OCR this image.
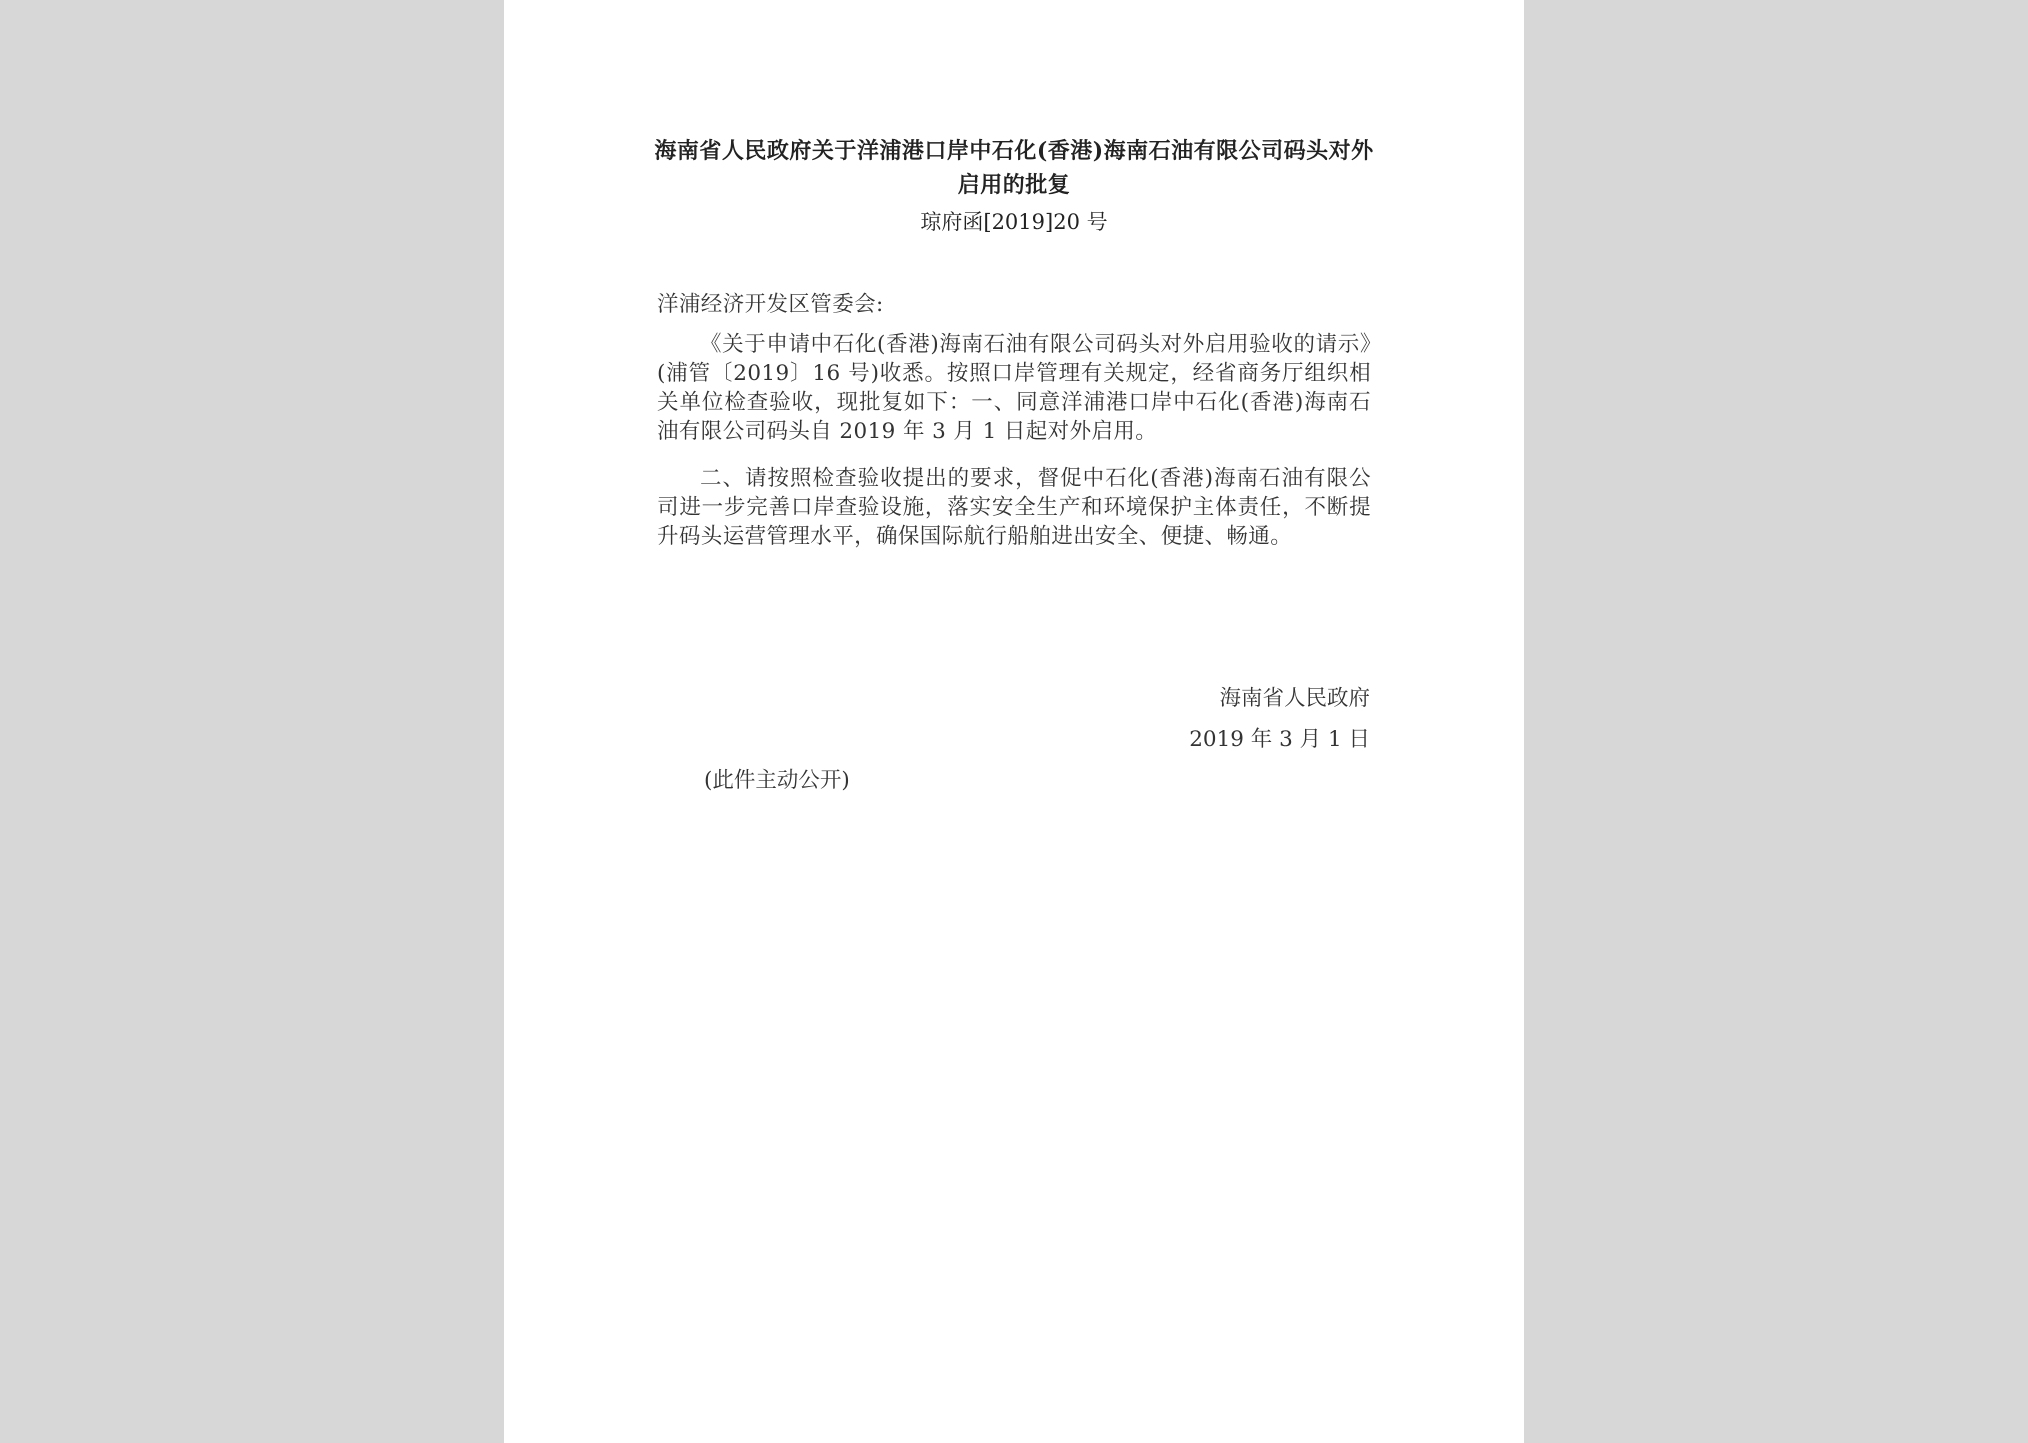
海南省人民政府关于洋浦港口岸中石化(香港)海南石油有限公司码头对外启用的批复
琼府函[2019]20 号
洋浦经济开发区管委会:
《关于申请中石化(香港)海南石油有限公司码头对外启用验收的请示》(浦管〔2019〕16 号)收悉。按照口岸管理有关规定，经省商务厅组织相关单位检查验收，现批复如下：一、同意洋浦港口岸中石化(香港)海南石油有限公司码头自 2019 年 3 月 1 日起对外启用。
二、请按照检查验收提出的要求，督促中石化(香港)海南石油有限公司进一步完善口岸查验设施，落实安全生产和环境保护主体责任，不断提升码头运营管理水平，确保国际航行船舶进出安全、便捷、畅通。
海南省人民政府
2019 年 3 月 1 日
(此件主动公开)
